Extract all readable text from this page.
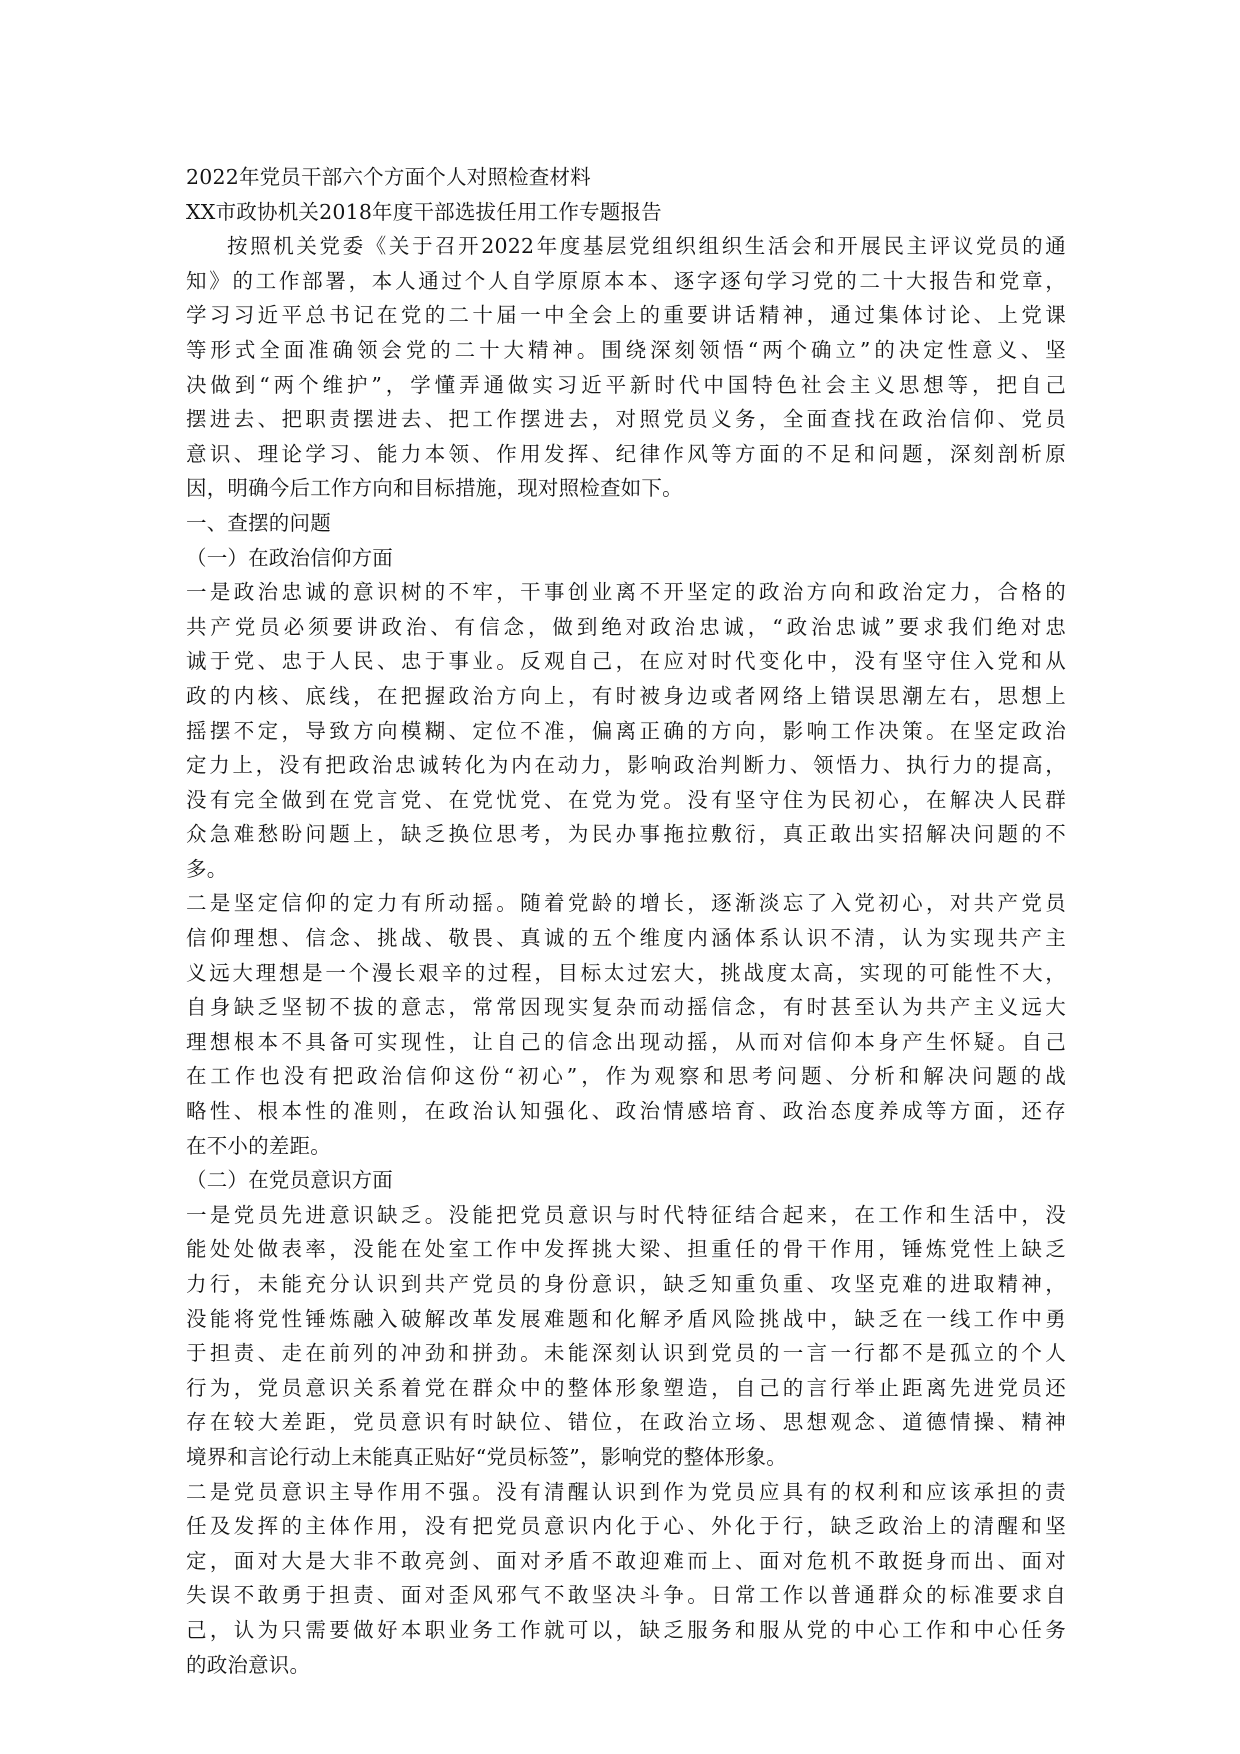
2022年党员干部六个方面个人对照检查材料

XX市政协机关2018年度干部选拔任用工作专题报告

按照机关党委《关于召开2022年度基层党组织组织生活会和开展民主评议党员的通

知》的工作部署，本人通过个人自学原原本本、逐字逐句学习党的二十大报告和党章，

学习习近平总书记在党的二十届一中全会上的重要讲话精神，通过集体讨论、上党课

等形式全面准确领会党的二十大精神。围绕深刻领悟“两个确立”的决定性意义、坚

决做到“两个维护”，学懂弄通做实习近平新时代中国特色社会主义思想等，把自己

摆进去、把职责摆进去、把工作摆进去，对照党员义务，全面查找在政治信仰、党员

意识、理论学习、能力本领、作用发挥、纪律作风等方面的不足和问题，深刻剖析原

因，明确今后工作方向和目标措施，现对照检查如下。

一、查摆的问题

（一）在政治信仰方面

一是政治忠诚的意识树的不牢，干事创业离不开坚定的政治方向和政治定力，合格的

共产党员必须要讲政治、有信念，做到绝对政治忠诚，“政治忠诚”要求我们绝对忠

诚于党、忠于人民、忠于事业。反观自己，在应对时代变化中，没有坚守住入党和从

政的内核、底线，在把握政治方向上，有时被身边或者网络上错误思潮左右，思想上

摇摆不定，导致方向模糊、定位不准，偏离正确的方向，影响工作决策。在坚定政治

定力上，没有把政治忠诚转化为内在动力，影响政治判断力、领悟力、执行力的提高，

没有完全做到在党言党、在党忧党、在党为党。没有坚守住为民初心，在解决人民群

众急难愁盼问题上，缺乏换位思考，为民办事拖拉敷衍，真正敢出实招解决问题的不

多。

二是坚定信仰的定力有所动摇。随着党龄的增长，逐渐淡忘了入党初心，对共产党员

信仰理想、信念、挑战、敬畏、真诚的五个维度内涵体系认识不清，认为实现共产主

义远大理想是一个漫长艰辛的过程，目标太过宏大，挑战度太高，实现的可能性不大，

自身缺乏坚韧不拔的意志，常常因现实复杂而动摇信念，有时甚至认为共产主义远大

理想根本不具备可实现性，让自己的信念出现动摇，从而对信仰本身产生怀疑。自己

在工作也没有把政治信仰这份“初心”，作为观察和思考问题、分析和解决问题的战

略性、根本性的准则，在政治认知强化、政治情感培育、政治态度养成等方面，还存

在不小的差距。

（二）在党员意识方面

一是党员先进意识缺乏。没能把党员意识与时代特征结合起来，在工作和生活中，没

能处处做表率，没能在处室工作中发挥挑大梁、担重任的骨干作用，锤炼党性上缺乏

力行，未能充分认识到共产党员的身份意识，缺乏知重负重、攻坚克难的进取精神，

没能将党性锤炼融入破解改革发展难题和化解矛盾风险挑战中，缺乏在一线工作中勇

于担责、走在前列的冲劲和拼劲。未能深刻认识到党员的一言一行都不是孤立的个人

行为，党员意识关系着党在群众中的整体形象塑造，自己的言行举止距离先进党员还

存在较大差距，党员意识有时缺位、错位，在政治立场、思想观念、道德情操、精神

境界和言论行动上未能真正贴好“党员标签”，影响党的整体形象。

二是党员意识主导作用不强。没有清醒认识到作为党员应具有的权利和应该承担的责

任及发挥的主体作用，没有把党员意识内化于心、外化于行，缺乏政治上的清醒和坚

定，面对大是大非不敢亮剑、面对矛盾不敢迎难而上、面对危机不敢挺身而出、面对

失误不敢勇于担责、面对歪风邪气不敢坚决斗争。日常工作以普通群众的标准要求自

己，认为只需要做好本职业务工作就可以，缺乏服务和服从党的中心工作和中心任务

的政治意识。
